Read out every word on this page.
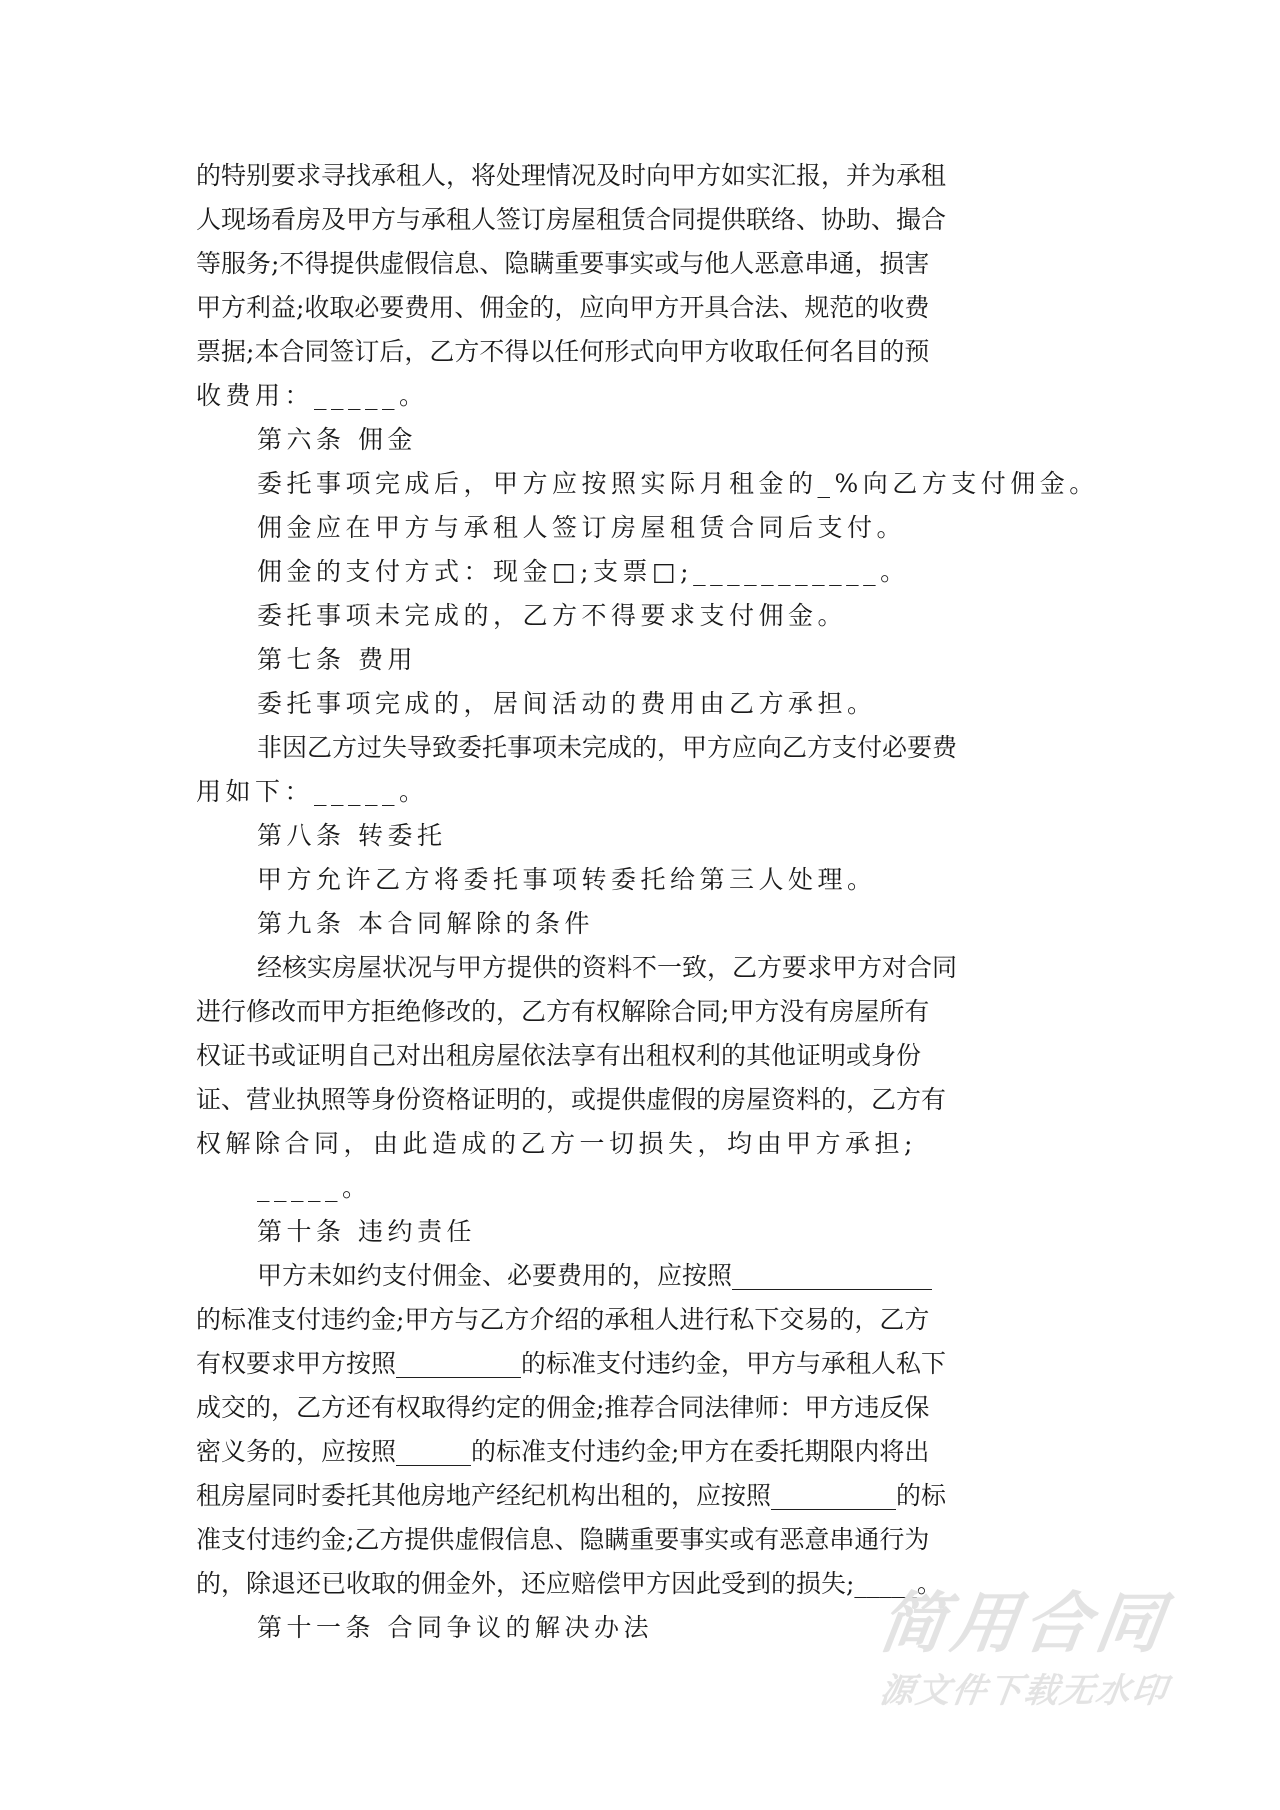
的特别要求寻找承租人，将处理情况及时向甲方如实汇报，并为承租
人现场看房及甲方与承租人签订房屋租赁合同提供联络、协助、撮合
等服务;不得提供虚假信息、隐瞒重要事实或与他人恶意串通，损害
甲方利益;收取必要费用、佣金的，应向甲方开具合法、规范的收费
票据;本合同签订后，乙方不得以任何形式向甲方收取任何名目的预
收费用：_____。
第六条 佣金
委托事项完成后，甲方应按照实际月租金的_%向乙方支付佣金。
佣金应在甲方与承租人签订房屋租赁合同后支付。
佣金的支付方式：现金□;支票□;___________。
委托事项未完成的，乙方不得要求支付佣金。
第七条 费用
委托事项完成的，居间活动的费用由乙方承担。
非因乙方过失导致委托事项未完成的，甲方应向乙方支付必要费
用如下：_____。
第八条 转委托
甲方允许乙方将委托事项转委托给第三人处理。
第九条 本合同解除的条件
经核实房屋状况与甲方提供的资料不一致，乙方要求甲方对合同
进行修改而甲方拒绝修改的，乙方有权解除合同;甲方没有房屋所有
权证书或证明自己对出租房屋依法享有出租权利的其他证明或身份
证、营业执照等身份资格证明的，或提供虚假的房屋资料的，乙方有
权解除合同，由此造成的乙方一切损失，均由甲方承担;
_____。
第十条 违约责任
甲方未如约支付佣金、必要费用的，应按照________________
的标准支付违约金;甲方与乙方介绍的承租人进行私下交易的，乙方
有权要求甲方按照__________的标准支付违约金，甲方与承租人私下
成交的，乙方还有权取得约定的佣金;推荐合同法律师：甲方违反保
密义务的，应按照______的标准支付违约金;甲方在委托期限内将出
租房屋同时委托其他房地产经纪机构出租的，应按照__________的标
准支付违约金;乙方提供虚假信息、隐瞒重要事实或有恶意串通行为
的，除退还已收取的佣金外，还应赔偿甲方因此受到的损失;_____。
第十一条 合同争议的解决办法	简用合同
源文件下载无水印
